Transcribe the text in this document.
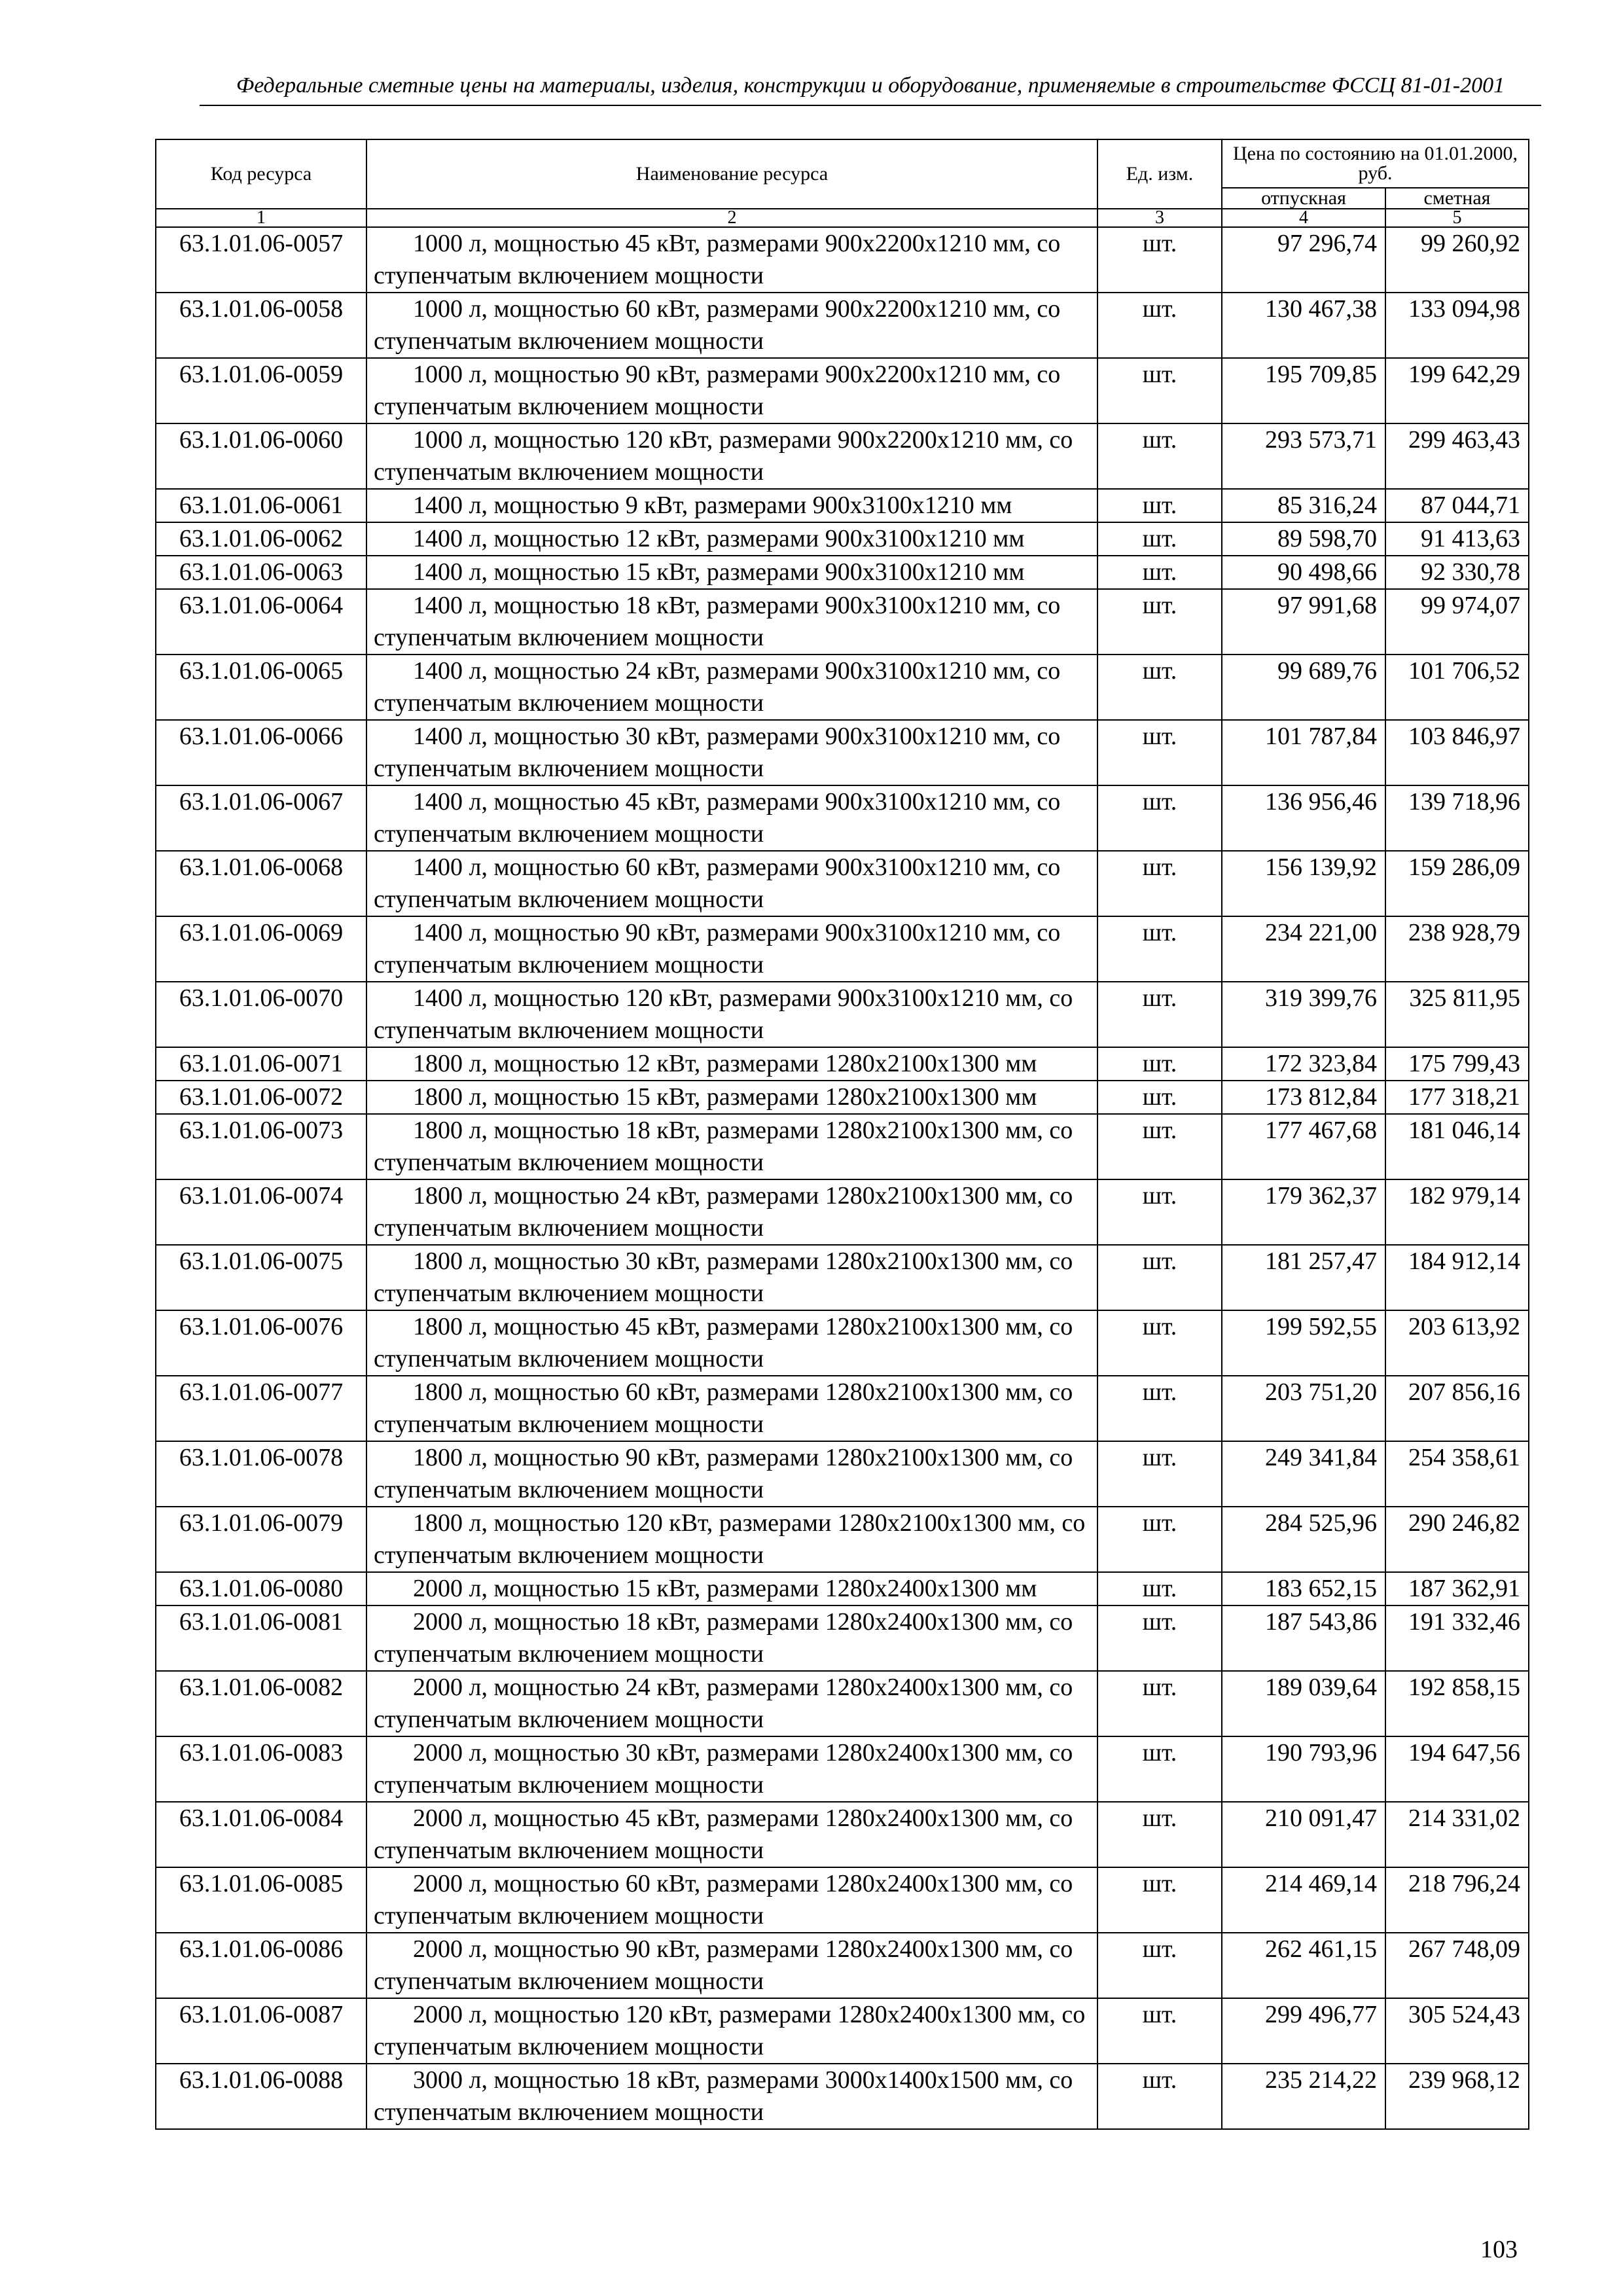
Федеральные сметные цены на материалы, изделия, конструкции и оборудование, применяемые в строительстве ФССЦ 81-01-2001
Код ресурса	Наименование ресурса	Ед. изм.	Цена по состоянию на 01.01.2000, руб.	
			отпускная	сметная
1	2	3	4	5
63.1.01.06-0057	1000 л, мощностью 45 кВт, размерами 900х2200х1210 мм, со ступенчатым включением мощности	шт.	97 296,74	99 260,92
63.1.01.06-0058	1000 л, мощностью 60 кВт, размерами 900х2200х1210 мм, со ступенчатым включением мощности	шт.	130 467,38	133 094,98
63.1.01.06-0059	1000 л, мощностью 90 кВт, размерами 900х2200х1210 мм, со ступенчатым включением мощности	шт.	195 709,85	199 642,29
63.1.01.06-0060	1000 л, мощностью 120 кВт, размерами 900х2200х1210 мм, со ступенчатым включением мощности	шт.	293 573,71	299 463,43
63.1.01.06-0061	1400 л, мощностью 9 кВт, размерами 900х3100х1210 мм	шт.	85 316,24	87 044,71
63.1.01.06-0062	1400 л, мощностью 12 кВт, размерами 900х3100х1210 мм	шт.	89 598,70	91 413,63
63.1.01.06-0063	1400 л, мощностью 15 кВт, размерами 900х3100х1210 мм	шт.	90 498,66	92 330,78
63.1.01.06-0064	1400 л, мощностью 18 кВт, размерами 900х3100х1210 мм, со ступенчатым включением мощности	шт.	97 991,68	99 974,07
63.1.01.06-0065	1400 л, мощностью 24 кВт, размерами 900х3100х1210 мм, со ступенчатым включением мощности	шт.	99 689,76	101 706,52
63.1.01.06-0066	1400 л, мощностью 30 кВт, размерами 900х3100х1210 мм, со ступенчатым включением мощности	шт.	101 787,84	103 846,97
63.1.01.06-0067	1400 л, мощностью 45 кВт, размерами 900х3100х1210 мм, со ступенчатым включением мощности	шт.	136 956,46	139 718,96
63.1.01.06-0068	1400 л, мощностью 60 кВт, размерами 900х3100х1210 мм, со ступенчатым включением мощности	шт.	156 139,92	159 286,09
63.1.01.06-0069	1400 л, мощностью 90 кВт, размерами 900х3100х1210 мм, со ступенчатым включением мощности	шт.	234 221,00	238 928,79
63.1.01.06-0070	1400 л, мощностью 120 кВт, размерами 900х3100х1210 мм, со ступенчатым включением мощности	шт.	319 399,76	325 811,95
63.1.01.06-0071	1800 л, мощностью 12 кВт, размерами 1280х2100х1300 мм	шт.	172 323,84	175 799,43
63.1.01.06-0072	1800 л, мощностью 15 кВт, размерами 1280х2100х1300 мм	шт.	173 812,84	177 318,21
63.1.01.06-0073	1800 л, мощностью 18 кВт, размерами 1280х2100х1300 мм, со ступенчатым включением мощности	шт.	177 467,68	181 046,14
63.1.01.06-0074	1800 л, мощностью 24 кВт, размерами 1280х2100х1300 мм, со ступенчатым включением мощности	шт.	179 362,37	182 979,14
63.1.01.06-0075	1800 л, мощностью 30 кВт, размерами 1280х2100х1300 мм, со ступенчатым включением мощности	шт.	181 257,47	184 912,14
63.1.01.06-0076	1800 л, мощностью 45 кВт, размерами 1280х2100х1300 мм, со ступенчатым включением мощности	шт.	199 592,55	203 613,92
63.1.01.06-0077	1800 л, мощностью 60 кВт, размерами 1280х2100х1300 мм, со ступенчатым включением мощности	шт.	203 751,20	207 856,16
63.1.01.06-0078	1800 л, мощностью 90 кВт, размерами 1280х2100х1300 мм, со ступенчатым включением мощности	шт.	249 341,84	254 358,61
63.1.01.06-0079	1800 л, мощностью 120 кВт, размерами 1280х2100х1300 мм, со ступенчатым включением мощности	шт.	284 525,96	290 246,82
63.1.01.06-0080	2000 л, мощностью 15 кВт, размерами 1280х2400х1300 мм	шт.	183 652,15	187 362,91
63.1.01.06-0081	2000 л, мощностью 18 кВт, размерами 1280х2400х1300 мм, со ступенчатым включением мощности	шт.	187 543,86	191 332,46
63.1.01.06-0082	2000 л, мощностью 24 кВт, размерами 1280х2400х1300 мм, со ступенчатым включением мощности	шт.	189 039,64	192 858,15
63.1.01.06-0083	2000 л, мощностью 30 кВт, размерами 1280х2400х1300 мм, со ступенчатым включением мощности	шт.	190 793,96	194 647,56
63.1.01.06-0084	2000 л, мощностью 45 кВт, размерами 1280х2400х1300 мм, со ступенчатым включением мощности	шт.	210 091,47	214 331,02
63.1.01.06-0085	2000 л, мощностью 60 кВт, размерами 1280х2400х1300 мм, со ступенчатым включением мощности	шт.	214 469,14	218 796,24
63.1.01.06-0086	2000 л, мощностью 90 кВт, размерами 1280х2400х1300 мм, со ступенчатым включением мощности	шт.	262 461,15	267 748,09
63.1.01.06-0087	2000 л, мощностью 120 кВт, размерами 1280х2400х1300 мм, со ступенчатым включением мощности	шт.	299 496,77	305 524,43
63.1.01.06-0088	3000 л, мощностью 18 кВт, размерами 3000х1400х1500 мм, со ступенчатым включением мощности	шт.	235 214,22	239 968,12
103
